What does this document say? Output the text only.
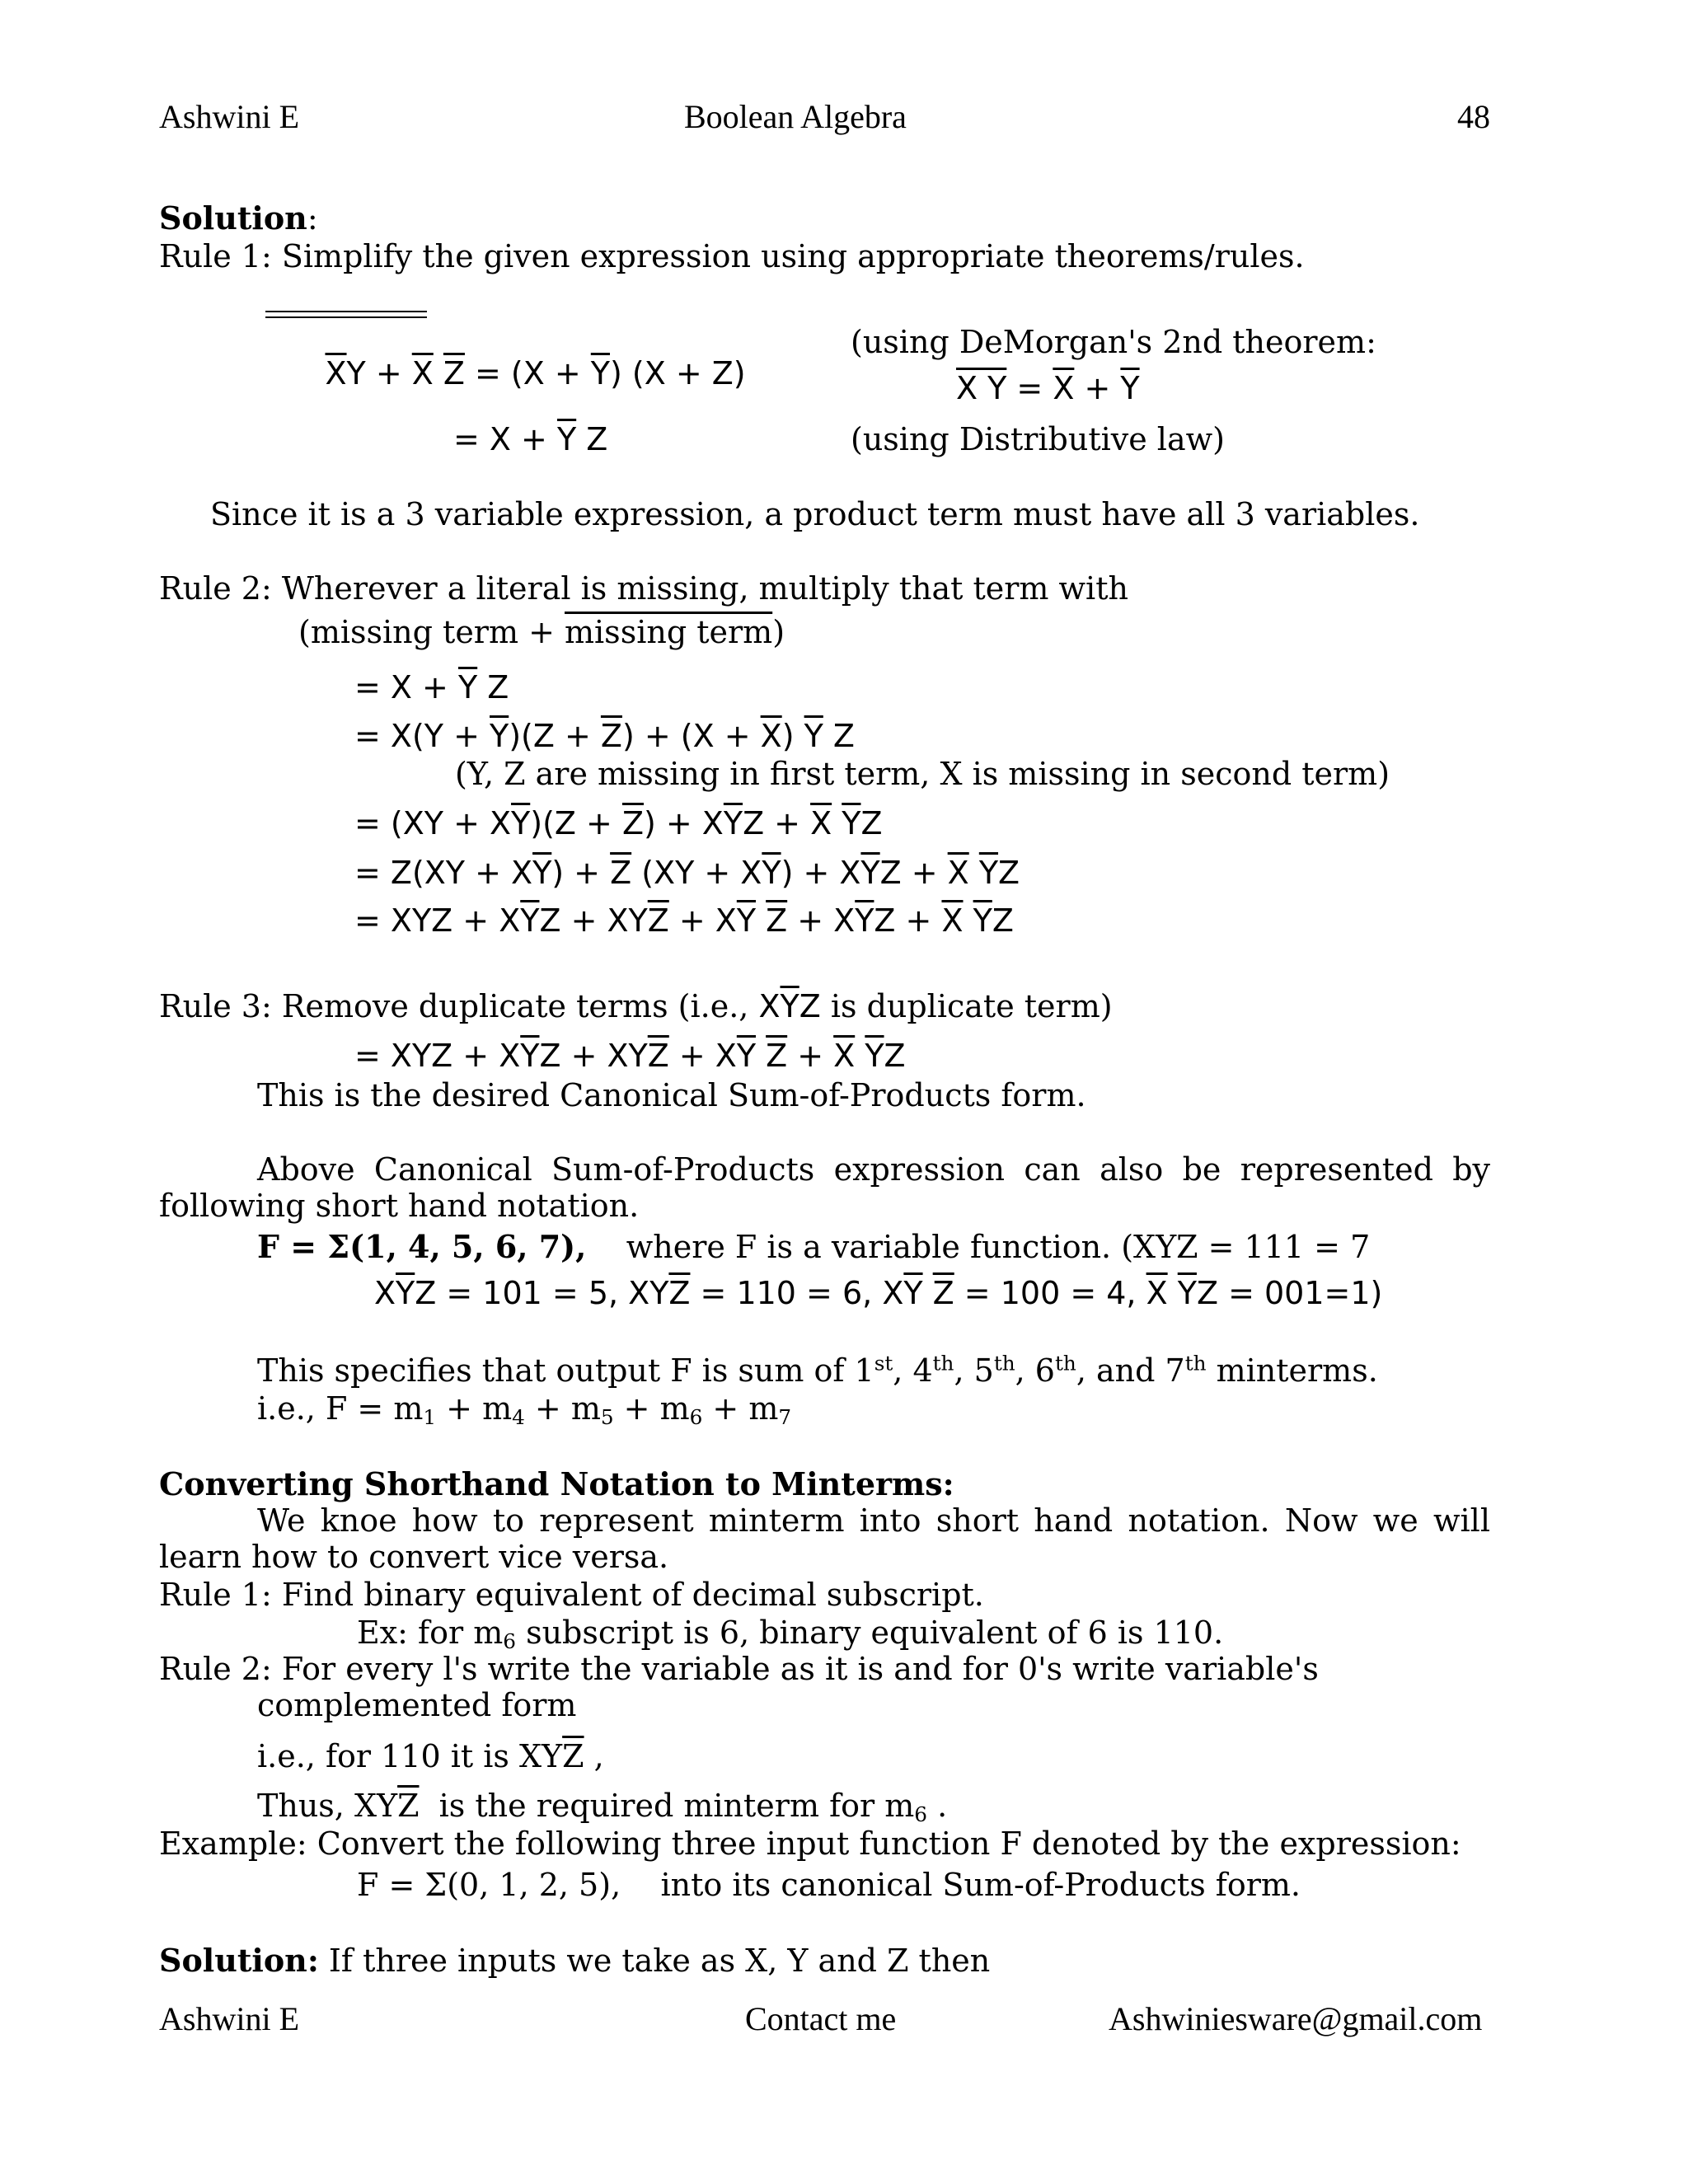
Ashwini E	Boolean Algebra	48
Solution:
Rule 1: Simplify the given expression using appropriate theorems/rules.

$\overline{X}Y + \overline{X}$ $\overline{Z} = (X + \overline{Y}) (X + Z)$
(using DeMorgan's 2nd theorem:
X $Y = \overline{X} + \overline{Y}$
= $X + \overline{Y}$ Z	(using Distributive law)
Since it is a 3 variable expression, a product term must have all 3 variables.
Rule 2: Wherever a literal is missing, multiply that term with
(missing term + missing term)
= $X + \overline{Y}$ Z
= $X(Y + \overline{Y})(Z + \overline{Z}) + (X + \overline{X})$ $\overline{Y}$ Z
(Y, Z are missing in first term, X is missing in second term)
= $(XY + X\overline{Y})(Z + \overline{Z}) + X\overline{Y}Z + \overline{X}$ $\overline{Y}Z$
= $Z(XY + X\overline{Y}) + \overline{Z}$ $(XY + X\overline{Y}) + X\overline{Y}Z + \overline{X}$ $\overline{Y}Z$
= XYZ + $X\overline{Y}Z + XY\overline{Z} + X\overline{Y}$ $\overline{Z} + X\overline{Y}Z + \overline{X}$ $\overline{Y}Z$
Rule 3: Remove duplicate terms (i.e., $X\overline{Y}Z$ is duplicate term)
= XYZ + $X\overline{Y}Z + XY\overline{Z} + X\overline{Y}$ $\overline{Z} + \overline{X}$ $\overline{Y}Z$
This is the desired Canonical Sum-of-Products form.
Above Canonical Sum-of-Products expression can also be represented by
following short hand notation.
F = Σ(1, 4, 5, 6, 7), where F is a variable function. (XYZ = 111 = 7
$X\overline{Y}Z = 101 = 5$, $XY\overline{Z} = 110 = 6$, $X\overline{Y}$ $\overline{Z} = 100 = 4$, $\overline{X}$ $\overline{Y}Z = 001=1$)
This specifies that output F is sum of 1st, 4th, 5th, 6th, and 7th minterms.
i.e., $F = m_1 + m_4 + m_5 + m_6 + m_7$
Converting Shorthand Notation to Minterms:
We knoe how to represent minterm into short hand notation. Now we will
learn how to convert vice versa.
Rule 1: Find binary equivalent of decimal subscript.
Ex: for $m_6$ subscript is 6, binary equivalent of 6 is 110.
Rule 2: For every l's write the variable as it is and for 0's write variable's
complemented form
i.e., for 110 it is $XY\overline{Z}$ ,
Thus, $XY\overline{Z}$  is the required minterm for $m_6$ .
Example: Convert the following three input function F denoted by the expression:
F = Σ(0, 1, 2, 5), into its canonical Sum-of-Products form.
Solution: If three inputs we take as X, Y and Z then
Ashwini E	Contact me	Ashwiniesware@gmail.com
